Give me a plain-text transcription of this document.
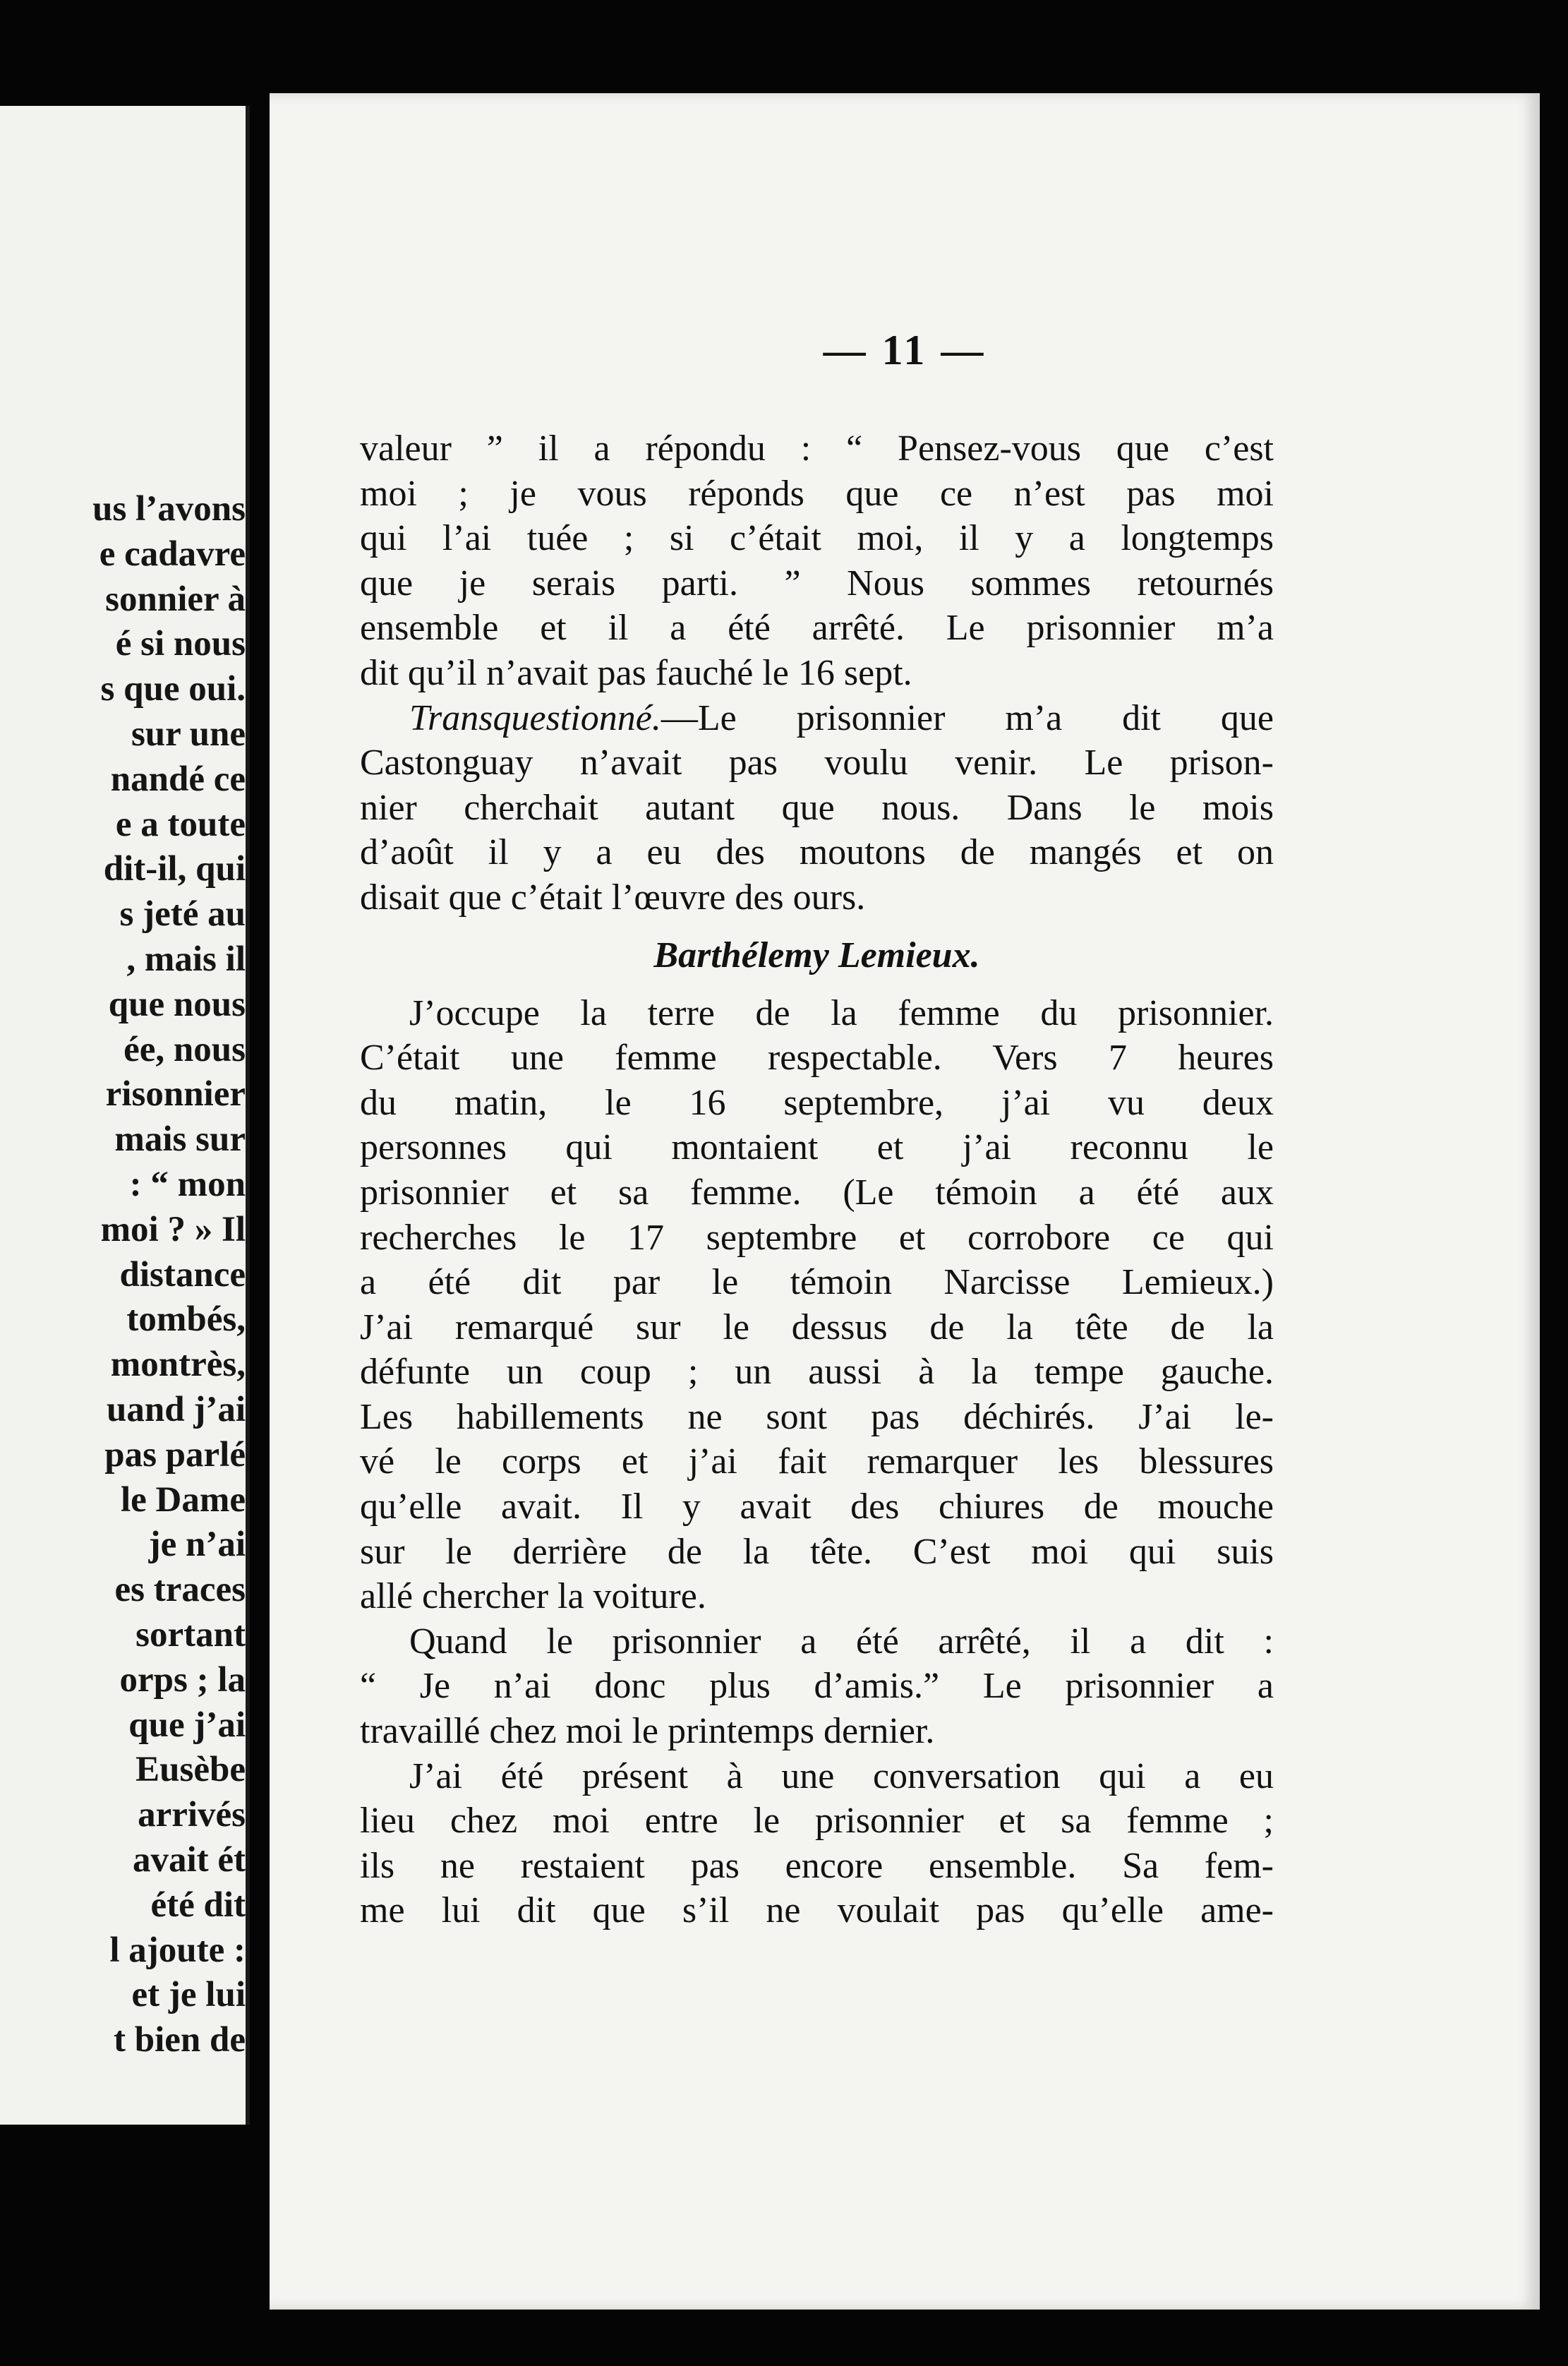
us l’avons
e cadavre
sonnier à
é si nous
s que oui.
sur une
nandé ce
e a toute
dit-il, qui
s jeté au
, mais il
que nous
ée, nous
risonnier
mais sur
: “ mon
moi ? » Il
distance
tombés,
montrès,
uand j’ai
pas parlé
le Dame
je n’ai
es traces
sortant
orps ; la
que j’ai
Eusèbe
arrivés
avait ét
été dit
l ajoute :
et je lui
t bien de
— 11 —
valeur ” il a répondu : “ Pensez-vous que c’est
moi ; je vous réponds que ce n’est pas moi
qui l’ai tuée ; si c’était moi, il y a longtemps
que je serais parti. ” Nous sommes retournés
ensemble et il a été arrêté. Le prisonnier m’a
dit qu’il n’avait pas fauché le 16 sept.
Transquestionné.—Le prisonnier m’a dit que
Castonguay n’avait pas voulu venir. Le prison-
nier cherchait autant que nous. Dans le mois
d’août il y a eu des moutons de mangés et on
disait que c’était l’œuvre des ours.
Barthélemy Lemieux.
J’occupe la terre de la femme du prisonnier.
C’était une femme respectable. Vers 7 heures
du matin, le 16 septembre, j’ai vu deux
personnes qui montaient et j’ai reconnu le
prisonnier et sa femme. (Le témoin a été aux
recherches le 17 septembre et corrobore ce qui
a été dit par le témoin Narcisse Lemieux.)
J’ai remarqué sur le dessus de la tête de la
défunte un coup ; un aussi à la tempe gauche.
Les habillements ne sont pas déchirés. J’ai le-
vé le corps et j’ai fait remarquer les blessures
qu’elle avait. Il y avait des chiures de mouche
sur le derrière de la tête. C’est moi qui suis
allé chercher la voiture.
Quand le prisonnier a été arrêté, il a dit :
“ Je n’ai donc plus d’amis.” Le prisonnier a
travaillé chez moi le printemps dernier.
J’ai été présent à une conversation qui a eu
lieu chez moi entre le prisonnier et sa femme ;
ils ne restaient pas encore ensemble. Sa fem-
me lui dit que s’il ne voulait pas qu’elle ame-
